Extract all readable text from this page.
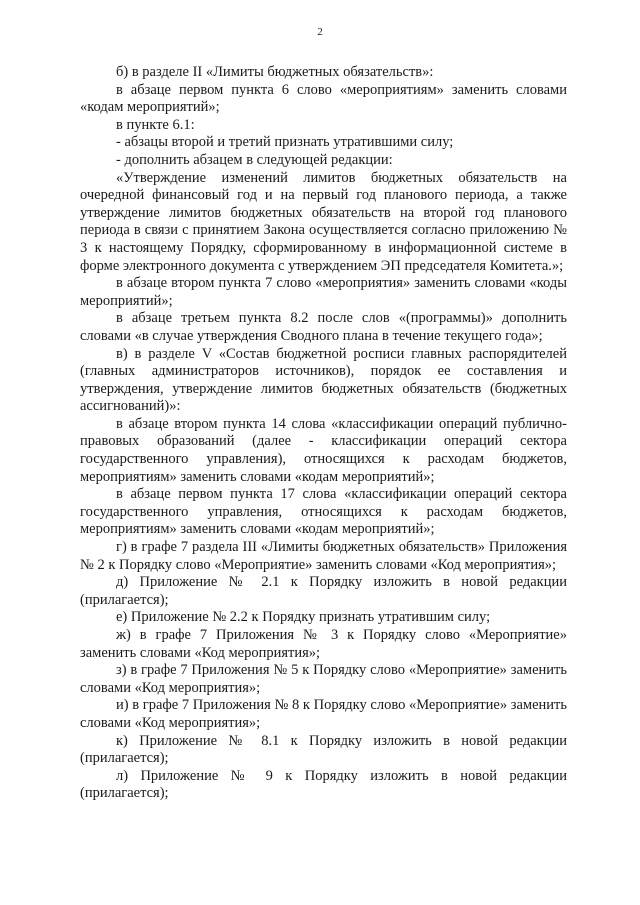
2

б) в разделе II «Лимиты бюджетных обязательств»:

в абзаце первом пункта 6 слово «мероприятиям» заменить словами «кодам мероприятий»;

в пункте 6.1:

- абзацы второй и третий признать утратившими силу;

- дополнить абзацем в следующей редакции:

«Утверждение изменений лимитов бюджетных обязательств на очередной финансовый год и на первый год планового периода, а также утверждение лимитов бюджетных обязательств на второй год планового периода в связи с принятием Закона осуществляется согласно приложению № 3 к настоящему Порядку, сформированному в информационной системе в форме электронного документа с утверждением ЭП председателя Комитета.»;

в абзаце втором пункта 7 слово «мероприятия» заменить словами «коды мероприятий»;

в абзаце третьем пункта 8.2 после слов «(программы)» дополнить словами «в случае утверждения Сводного плана в течение текущего года»;

в) в разделе V «Состав бюджетной росписи главных распорядителей (главных администраторов источников), порядок ее составления и утверждения, утверждение лимитов бюджетных обязательств (бюджетных ассигнований)»:

в абзаце втором пункта 14 слова «классификации операций публично-правовых образований (далее - классификации операций сектора государственного управления), относящихся к расходам бюджетов, мероприятиям» заменить словами «кодам мероприятий»;

в абзаце первом пункта 17 слова «классификации операций сектора государственного управления, относящихся к расходам бюджетов, мероприятиям» заменить словами «кодам мероприятий»;

г) в графе 7 раздела III «Лимиты бюджетных обязательств» Приложения № 2 к Порядку слово «Мероприятие» заменить словами «Код мероприятия»;

д) Приложение № 2.1 к Порядку изложить в новой редакции (прилагается);

е) Приложение № 2.2 к Порядку признать утратившим силу;

ж) в графе 7 Приложения № 3 к Порядку слово «Мероприятие» заменить словами «Код мероприятия»;

з) в графе 7 Приложения № 5 к Порядку слово «Мероприятие» заменить словами «Код мероприятия»;

и) в графе 7 Приложения № 8 к Порядку слово «Мероприятие» заменить словами «Код мероприятия»;

к) Приложение № 8.1 к Порядку изложить в новой редакции (прилагается);

л) Приложение № 9 к Порядку изложить в новой редакции (прилагается);
